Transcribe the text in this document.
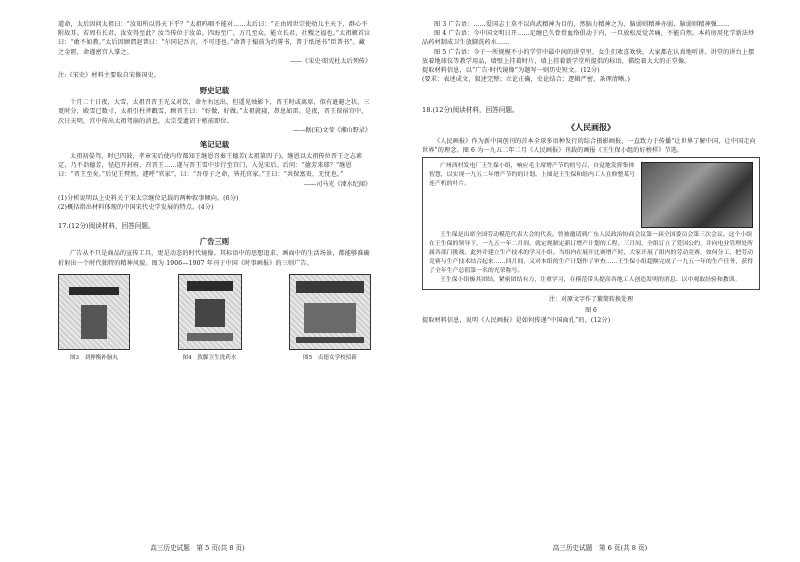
道命，太后因问太祖曰：“汝知所以得天下乎？”太祖呜咽不能对……太后曰：“正由周世宗使幼儿主天下，群心不附故耳。若周有长君，汝安得至此？汝当传位于汝弟。四海至广，万几至众，能立长君，社稷之福也。”太祖顿首泣曰：“敢不如教。”太后因顾谓赵普曰：“尔同记吾言，不可违也。”命普于榻前为约誓书，普于纸尾书“臣普书”。藏之金匮，命谨密宫人掌之。

——《宋史·昭宪杜太后列传》

注:《宋史》材料主要取自宋修国史。

野史记载

十月二十日夜，大雪，太祖召晋王光义对饮，命左右远出，但遥见烛影下，晋王时或离席，似有逊避之状。三更时分，殿雪已数寸，太祖引柱斧戳雪，顾晋王曰：“好做，好做。”太祖就寝，鼻息如雷。是夜，晋王留宿宫中，次日天明，宫中传出太祖驾崩的消息。太宗受遗诏于柩前即位。

——据(宋)文莹《湘山野录》

笔记记载

太祖初晏驾，时已四鼓，孝章宋后使内侍都知王继恩召秦王德芳(太祖第四子)。继恩以太祖传位晋王之志素定，乃不诣德芳，径趋开封府，召晋王……遂与晋王雪中步行至宫门，入见宋后。后问：“德芳来耶？”继恩曰：“晋王至矣。”后见王愕然，遽呼“官家”，曰：“吾母子之命，皆托官家。”王曰：“共保富贵，无忧也。”

——司马光《涑水纪闻》

(1)分析说明以上史料关于宋太宗继位记载的两种叙事倾向。(6分)

(2)概括指出材料体现的中国宋代史学发展的特点。(4分)

17.(12分)阅读材料，回答问题。

广告三则

广告从不只是商品的宣传工具，更是动态的时代镜像。其标语中的思想追求、画面中的生活场景，都能够准确折射出一个时代独特的精神风貌。图为 1906—1907 年刊于中国《时事画报》的三则广告。

图3　刘掸衡补脑丸	图4　敦脚卫生洗药水	图5　贞德女学校招新
高三历史试题　第 5 页(共 8 页)

图 3 广告语：……爱国志士莫不以尚武精神为目的，然脑力精神之为，脑弱则精神亦弱，脑弱则精神强……

图 4 广告语：今中国文明日开……足缠已久骨骨血络俱动于内，一旦放松反觉苦痛，不能自然。本药房用化学新法炒品药材制成卫生放脚洗药水……

图 5 广告语：今于一所规模不小的学堂中最中间的讲堂里，女生们欢喜欢快，大家都在认真地听讲。讲堂的讲台上摆放着地球仪等教学用品，墙壁上挂着时片，墙上挂着新学堂所提倡的标语，描绘着大大的正堂像。

提取材料信息，以“广告·时代镜像”为题写一则历史短文。(12分)

(要求：表述成文，叙述完整；立论正确，史论结合；逻辑严密，条理清晰。)

18.(12分)阅读材料，回答问题。

《人民画报》

《人民画报》作为新中国创刊的首本全球多语种发行的综合摄影画报，一直致力于传播“让世界了解中国，让中国走向世界”的理念。图 6 为一九五二年二月《人民画报》刊载的画报《王生保小组的好榜样》节选。

广州西村发电厂王生保小组，响应毛主席增产节约的号召，自觉地发挥集体智慧，以实现一九五二年增产节约的计划。上图是王生保和组内工人在修整某号连产机的叶片。

王生保是出席全国劳动模范代表大会的代表。曾被邀请到广东人民政治协商会议第一届全国委员会第三次会议。这个小组在王生保的领导下，一九五一年二月间，就定规制定新订增产计划的工程。三月间，全组订立了爱国公约，并向电业管理处所属各部门挑战，此外并建立生产技术的学习小组。当组内在展开比赛增产时，大家开展了组内的劳动竞赛，如何分工，把劳动竞赛与生产技术结合起来……四月间，又对本组的生产计划作了审查……王生保小组超额完成了一九五一年的生产任务，获得了全年生产总值第一名的光荣称号。

王生保小组极其团结，紧密团结有力，注重学习，在模范带头提高各地工人创造发明的消息、以中观取经验和教训。

注：对原文字作了繁简转换处理
图 6

提取材料信息，说明《人民画报》是如何传递“中国面孔”的。(12分)

高三历史试题　第 6 页(共 8 页)
